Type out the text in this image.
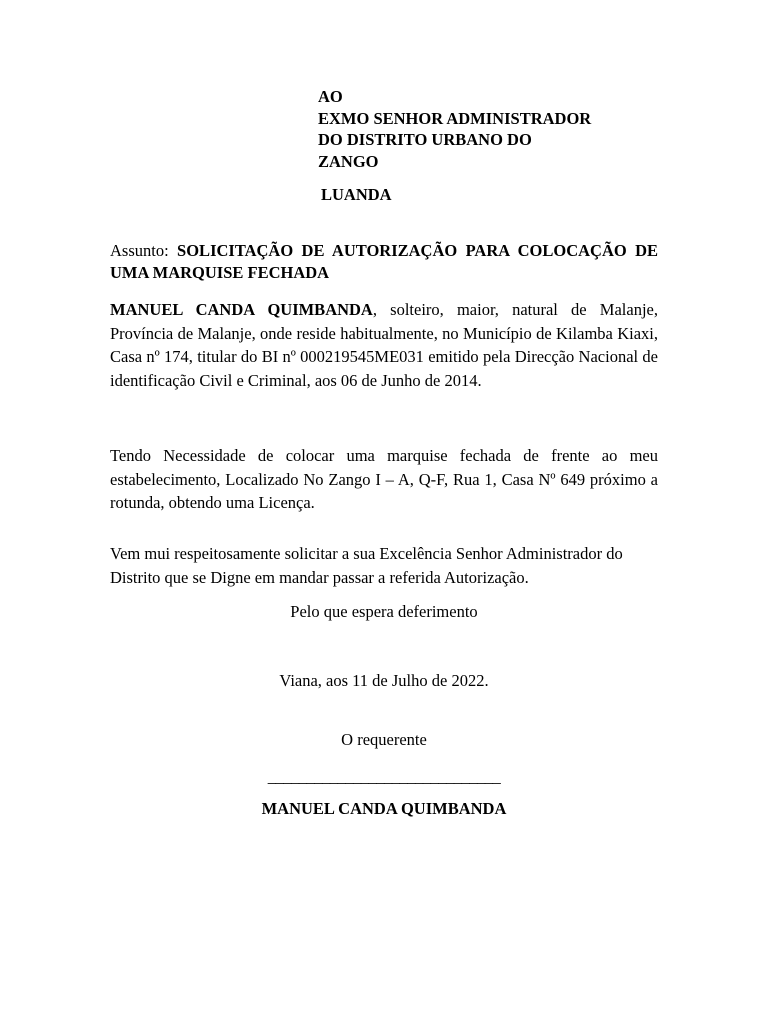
AO
EXMO SENHOR ADMINISTRADOR
DO DISTRITO URBANO DO
ZANGO
LUANDA
Assunto: SOLICITAÇÃO DE AUTORIZAÇÃO PARA COLOCAÇÃO DE UMA MARQUISE FECHADA
MANUEL CANDA QUIMBANDA, solteiro, maior, natural de Malanje, Província de Malanje, onde reside habitualmente, no Município de Kilamba Kiaxi, Casa nº 174, titular do BI nº 000219545ME031 emitido pela Direcção Nacional de identificação Civil e Criminal, aos 06 de Junho de 2014.
Tendo Necessidade de colocar uma marquise fechada de frente ao meu estabelecimento, Localizado No Zango I – A, Q-F, Rua 1, Casa Nº 649 próximo a rotunda, obtendo uma Licença.
Vem mui respeitosamente solicitar a sua Excelência Senhor Administrador do Distrito que se Digne em mandar passar a referida Autorização.
Pelo que espera deferimento
Viana, aos 11 de Julho de 2022.
O requerente
______________________________
MANUEL CANDA QUIMBANDA
